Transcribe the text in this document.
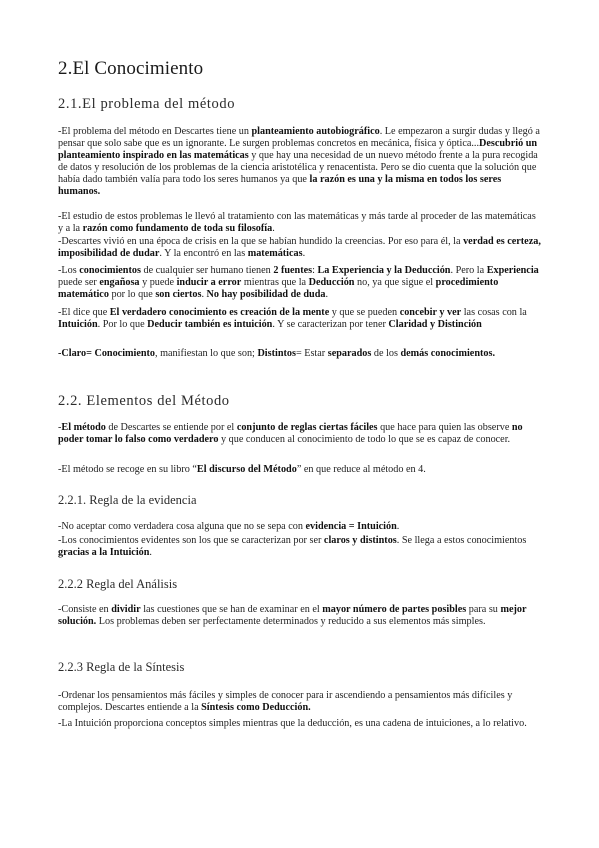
2.El Conocimiento
2.1.El problema del método

-El problema del método en Descartes tiene un planteamiento autobiográfico. Le empezaron a surgir dudas y llegó a pensar que solo sabe que es un ignorante. Le surgen problemas concretos en mecánica, física y óptica...Descubrió un planteamiento inspirado en las matemáticas y que hay una necesidad de un nuevo método frente a la pura recogida de datos y resolución de los problemas de la ciencia aristotélica y renacentista. Pero se dio cuenta que la solución que había dado también valía para todo los seres humanos ya que la razón es una y la misma en todos los seres humanos.

-El estudio de estos problemas le llevó al tratamiento con las matemáticas y más tarde al proceder de las matemáticas y a la razón como fundamento de toda su filosofía.

-Descartes vivió en una época de crisis en la que se habían hundido la creencias. Por eso para él, la verdad es certeza, imposibilidad de dudar. Y la encontró en las matemáticas.

-Los conocimientos de cualquier ser humano tienen 2 fuentes: La Experiencia y la Deducción. Pero la Experiencia puede ser engañosa y puede inducir a error mientras que la Deducción no, ya que sigue el procedimiento matemático por lo que son ciertos. No hay posibilidad de duda.

-El dice que El verdadero conocimiento es creación de la mente y que se pueden concebir y ver las cosas con la Intuición. Por lo que Deducir también es intuición. Y se caracterizan por tener Claridad y Distinción

-Claro= Conocimiento, manifiestan lo que son; Distintos= Estar separados de los demás conocimientos.

2.2. Elementos del Método

-El método de Descartes se entiende por el conjunto de reglas ciertas fáciles que hace para quien las observe no poder tomar lo falso como verdadero y que conducen al conocimiento de todo lo que se es capaz de conocer.

-El método se recoge en su libro “El discurso del Método” en que reduce al método en 4.

2.2.1. Regla de la evidencia

-No aceptar como verdadera cosa alguna que no se sepa con evidencia = Intuición.

-Los conocimientos evidentes son los que se caracterizan por ser claros y distintos. Se llega a estos conocimientos gracias a la Intuición.

2.2.2 Regla del Análisis

-Consiste en dividir las cuestiones que se han de examinar en el mayor número de partes posibles para su mejor solución. Los problemas deben ser perfectamente determinados y reducido a sus elementos más simples.

2.2.3 Regla de la Síntesis

-Ordenar los pensamientos más fáciles y simples de conocer para ir ascendiendo a pensamientos más difíciles y complejos. Descartes entiende a la Síntesis como Deducción.

-La Intuición proporciona conceptos simples mientras que la deducción, es una cadena de intuiciones, a lo relativo.
